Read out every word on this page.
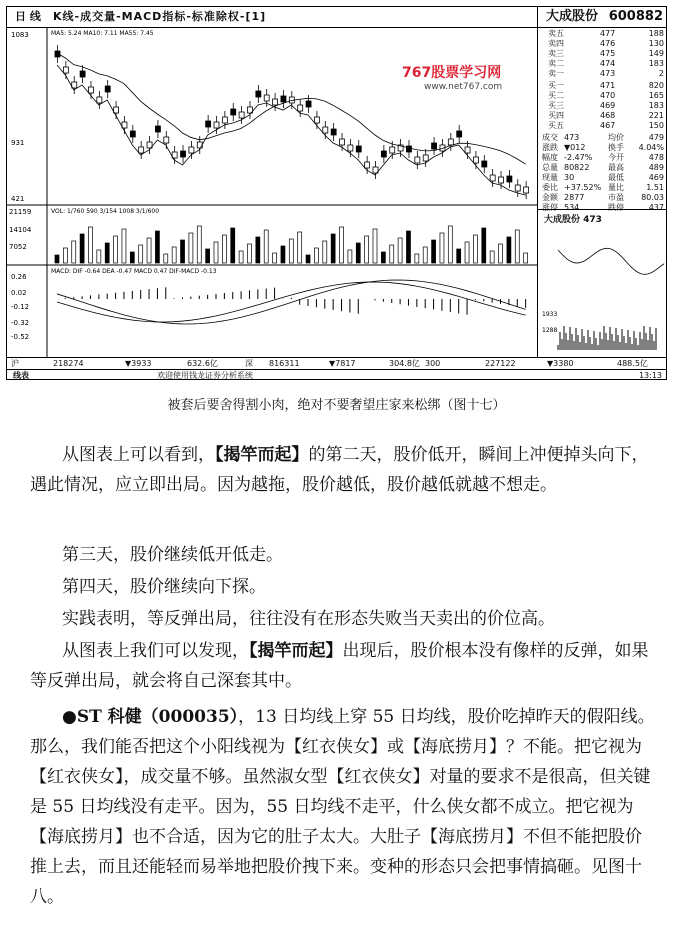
日 线 K线-成交量-MACD指标-标准除权-[1]	大成股份 600882
1083
931
421
MA5: 5.24 MA10: 7.11 MA55: 7.45
21159
14104
7052
VOL: 1/760 590 3/154 1008 3/1/600
MACD: DIF -0.64 DEA -0.47 MACD 0.47 DIF-MACD -0.13
0.26
0.02
-0.12
-0.32
-0.52
767股票学习网
www.net767.com
卖五	477	188
卖四	476	130
卖三	475	149
卖二	474	183
卖一	473	2
买一	471	820
买二	470	165
买三	469	183
买四	468	221
买五	467	150
成交 473	均价	479
涨跌 ▼012	换手 4.04%
幅度 -2.47% 今开	478
总量 80822 最高	489
现量 30	最低	469
委比 +37.52% 量比	1.51
金额 2877	市盈 80.03
涨停 534	跌停	437
大成股份 473
1933
1288
沪	218274	▼3933	632.6亿	深 816311	▼7817	304.8亿 300	227122	▼3380	488.5亿
线表	欢迎使用钱龙证券分析系统	13:13
被套后要舍得割小肉，绝对不要奢望庄家来松绑（图十七）
从图表上可以看到，【揭竿而起】的第二天，股价低开，瞬间上冲便掉头向下，遇此情况，应立即出局。因为越拖，股价越低，股价越低就越不想走。
第三天，股价继续低开低走。
第四天，股价继续向下探。
实践表明，等反弹出局，往往没有在形态失败当天卖出的价位高。
从图表上我们可以发现，【揭竿而起】出现后，股价根本没有像样的反弹，如果等反弹出局，就会将自己深套其中。
●ST 科健（000035），13 日均线上穿 55 日均线，股价吃掉昨天的假阳线。那么，我们能否把这个小阳线视为【红衣侠女】或【海底捞月】？不能。把它视为【红衣侠女】，成交量不够。虽然淑女型【红衣侠女】对量的要求不是很高，但关键是 55 日均线没有走平。因为，55 日均线不走平，什么侠女都不成立。把它视为【海底捞月】也不合适，因为它的肚子太大。大肚子【海底捞月】不但不能把股价推上去，而且还能轻而易举地把股价拽下来。变种的形态只会把事情搞砸。见图十八。
